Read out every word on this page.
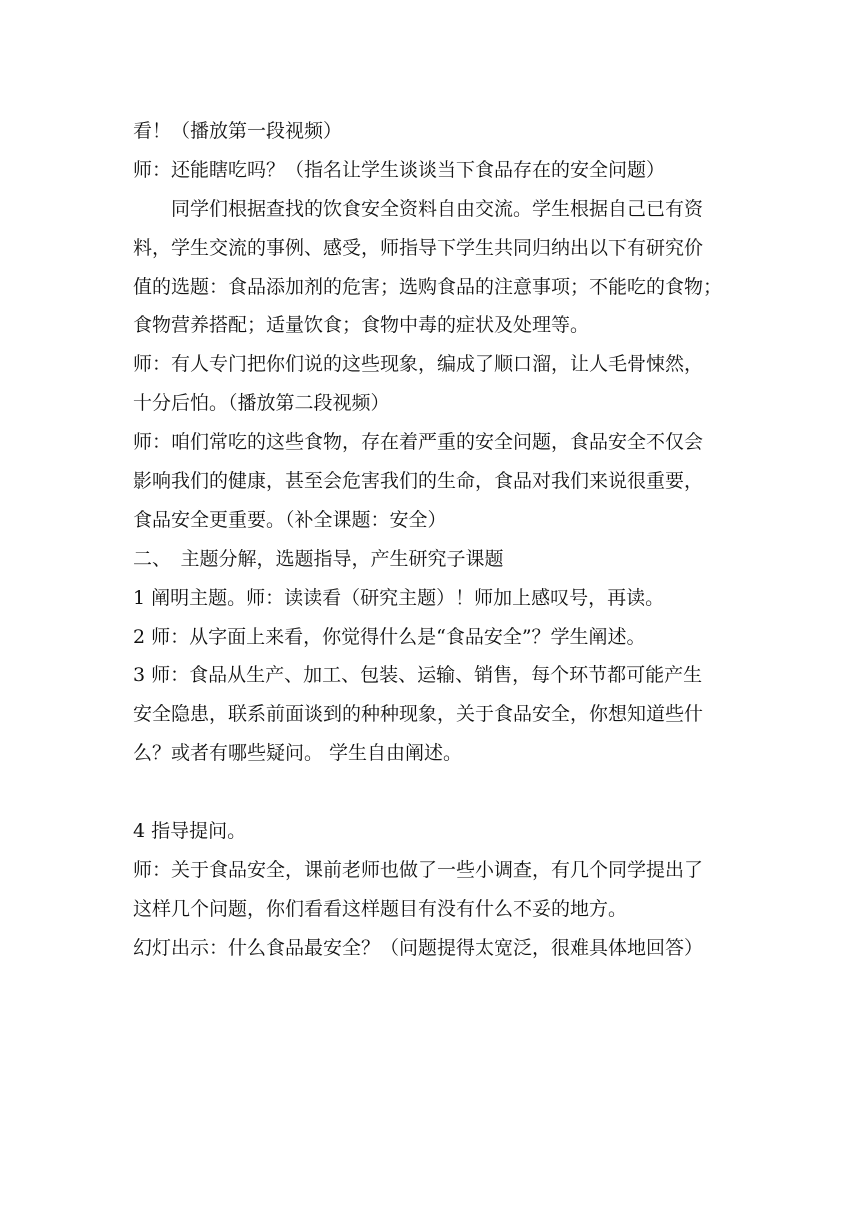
看！（播放第一段视频）
师：还能瞎吃吗？（指名让学生谈谈当下食品存在的安全问题）
同学们根据查找的饮食安全资料自由交流。学生根据自己已有资
料，学生交流的事例、感受，师指导下学生共同归纳出以下有研究价
值的选题：食品添加剂的危害；选购食品的注意事项；不能吃的食物；
食物营养搭配；适量饮食；食物中毒的症状及处理等。
师：有人专门把你们说的这些现象，编成了顺口溜，让人毛骨悚然，
十分后怕。（播放第二段视频）
师：咱们常吃的这些食物，存在着严重的安全问题，食品安全不仅会
影响我们的健康，甚至会危害我们的生命，食品对我们来说很重要，
食品安全更重要。（补全课题：安全）
二、　主题分解，选题指导，产生研究子课题
1 阐明主题。师：读读看（研究主题）！师加上感叹号，再读。
2 师：从字面上来看，你觉得什么是“食品安全”？学生阐述。
3 师：食品从生产、加工、包装、运输、销售，每个环节都可能产生
安全隐患，联系前面谈到的种种现象，关于食品安全，你想知道些什
么？或者有哪些疑问。 学生自由阐述。
4 指导提问。
师：关于食品安全，课前老师也做了一些小调查，有几个同学提出了
这样几个问题，你们看看这样题目有没有什么不妥的地方。
幻灯出示：什么食品最安全？（问题提得太宽泛，很难具体地回答）
